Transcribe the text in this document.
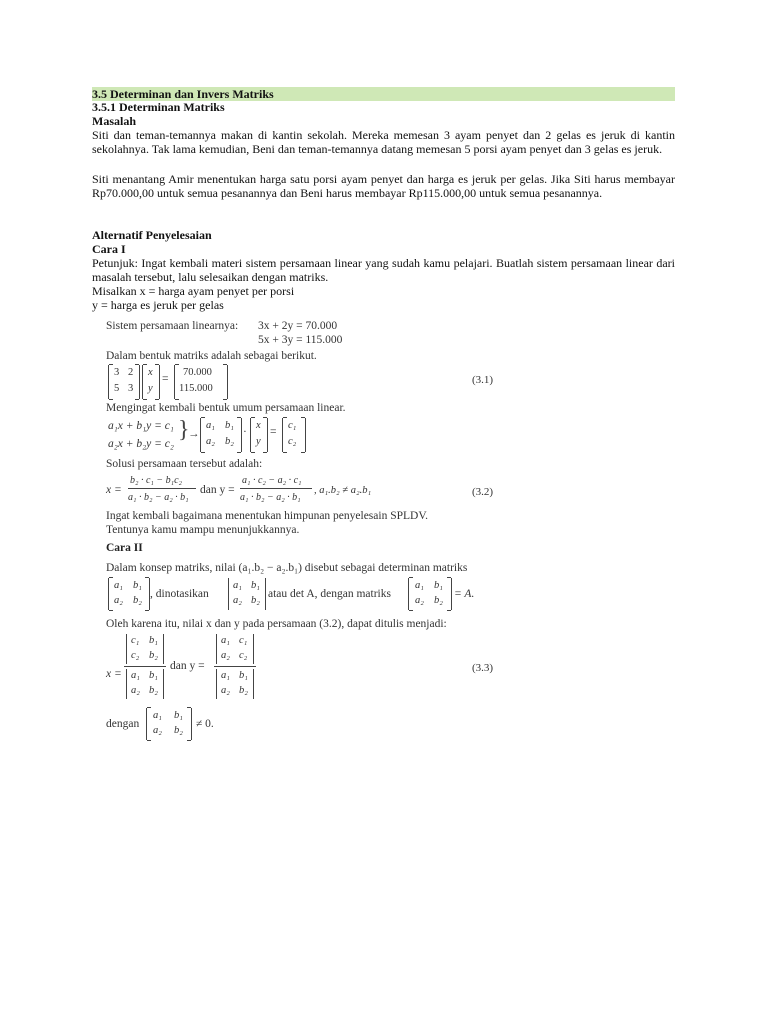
3.5 Determinan dan Invers Matriks
3.5.1 Determinan Matriks
Masalah
Siti dan teman-temannya makan di kantin sekolah. Mereka memesan 3 ayam penyet dan 2 gelas es jeruk di kantin sekolahnya. Tak lama kemudian, Beni dan teman-temannya datang memesan 5 porsi ayam penyet dan 3 gelas es jeruk.
Siti menantang Amir menentukan harga satu porsi ayam penyet dan harga es jeruk per gelas. Jika Siti harus membayar Rp70.000,00 untuk semua pesanannya dan Beni harus membayar Rp115.000,00 untuk semua pesanannya.
Alternatif Penyelesaian
Cara I
Petunjuk: Ingat kembali materi sistem persamaan linear yang sudah kamu pelajari. Buatlah sistem persamaan linear dari masalah tersebut, lalu selesaikan dengan matriks.
Misalkan x = harga ayam penyet per porsi
y = harga es jeruk per gelas
Sistem persamaan linearnya: 3x + 2y = 70.000
5x + 3y = 115.000
Dalam bentuk matriks adalah sebagai berikut.
3 2
5 3
x
y
=
70.000
115.000
(3.1)
Mengingat kembali bentuk umum persamaan linear.
a₁x + b₁y = c₁
a₂x + b₂y = c₂
}
→
a₁ b₁
a₂ b₂
·
x
y
=
c₁
c₂
Solusi persamaan tersebut adalah:
x =
b₂ · c₁ − b₁c₂
a₁ · b₂ − a₂ · b₁
dan y =
a₁ · c₂ − a₂ · c₁
a₁ · b₂ − a₂ · b₁
, a₁.b₂ ≠ a₂.b₁	(3.2)
Ingat kembali bagaimana menentukan himpunan penyelesain SPLDV.
Tentunya kamu mampu menunjukkannya.
Cara II
Dalam konsep matriks, nilai (a₁.b₂ − a₂.b₁) disebut sebagai determinan matriks
a₁ b₁
a₂ b₂
, dinotasikan
a₁ b₁
a₂ b₂
atau det A, dengan matriks
a₁ b₁
a₂ b₂
= A.
Oleh karena itu, nilai x dan y pada persamaan (3.2), dapat ditulis menjadi:
x =
c₁ b₁
c₂ b₂
a₁ b₁
a₂ b₂
dan y =
a₁ c₁
a₂ c₂
a₁ b₁
a₂ b₂
(3.3)
dengan
a₁ b₁
a₂ b₂
≠ 0.
